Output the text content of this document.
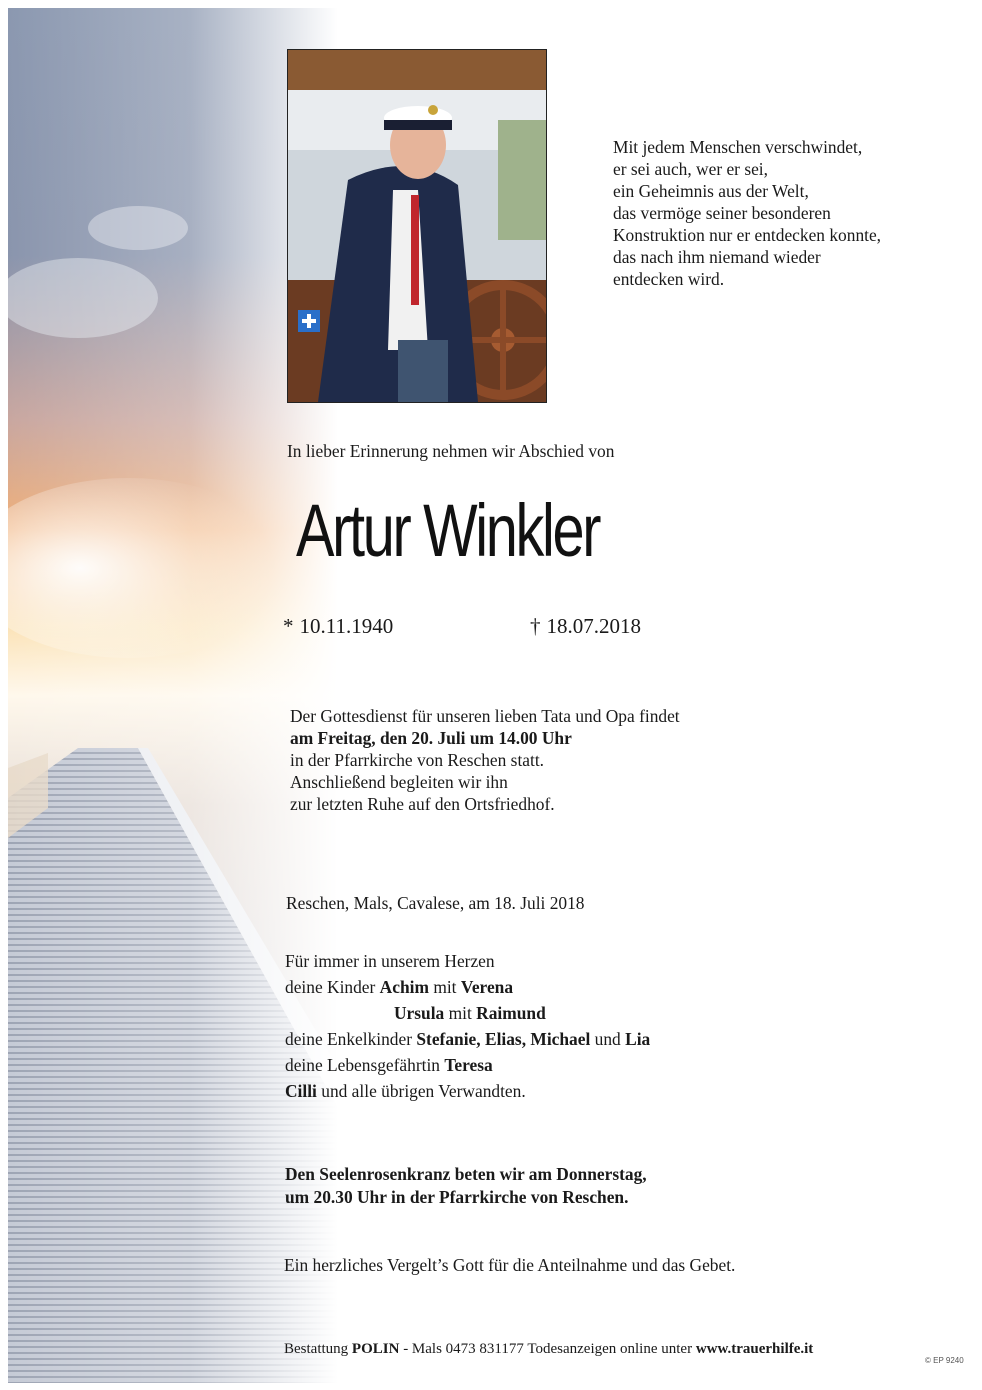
Mit jedem Menschen verschwindet,
er sei auch, wer er sei,
ein Geheimnis aus der Welt,
das vermöge seiner besonderen
Konstruktion nur er entdecken konnte,
das nach ihm niemand wieder
entdecken wird.
In lieber Erinnerung nehmen wir Abschied von
Artur Winkler
* 10.11.1940	† 18.07.2018
Der Gottesdienst für unseren lieben Tata und Opa findet
am Freitag, den 20. Juli um 14.00 Uhr
in der Pfarrkirche von Reschen statt.
Anschließend begleiten wir ihn
zur letzten Ruhe auf den Ortsfriedhof.
Reschen, Mals, Cavalese, am 18. Juli 2018
Für immer in unserem Herzen
deine Kinder Achim mit Verena
Ursula mit Raimund
deine Enkelkinder Stefanie, Elias, Michael und Lia
deine Lebensgefährtin Teresa
Cilli und alle übrigen Verwandten.
Den Seelenrosenkranz beten wir am Donnerstag,
um 20.30 Uhr in der Pfarrkirche von Reschen.
Ein herzliches Vergelt’s Gott für die Anteilnahme und das Gebet.
Bestattung POLIN - Mals 0473 831177 Todesanzeigen online unter www.trauerhilfe.it
© EP 9240
